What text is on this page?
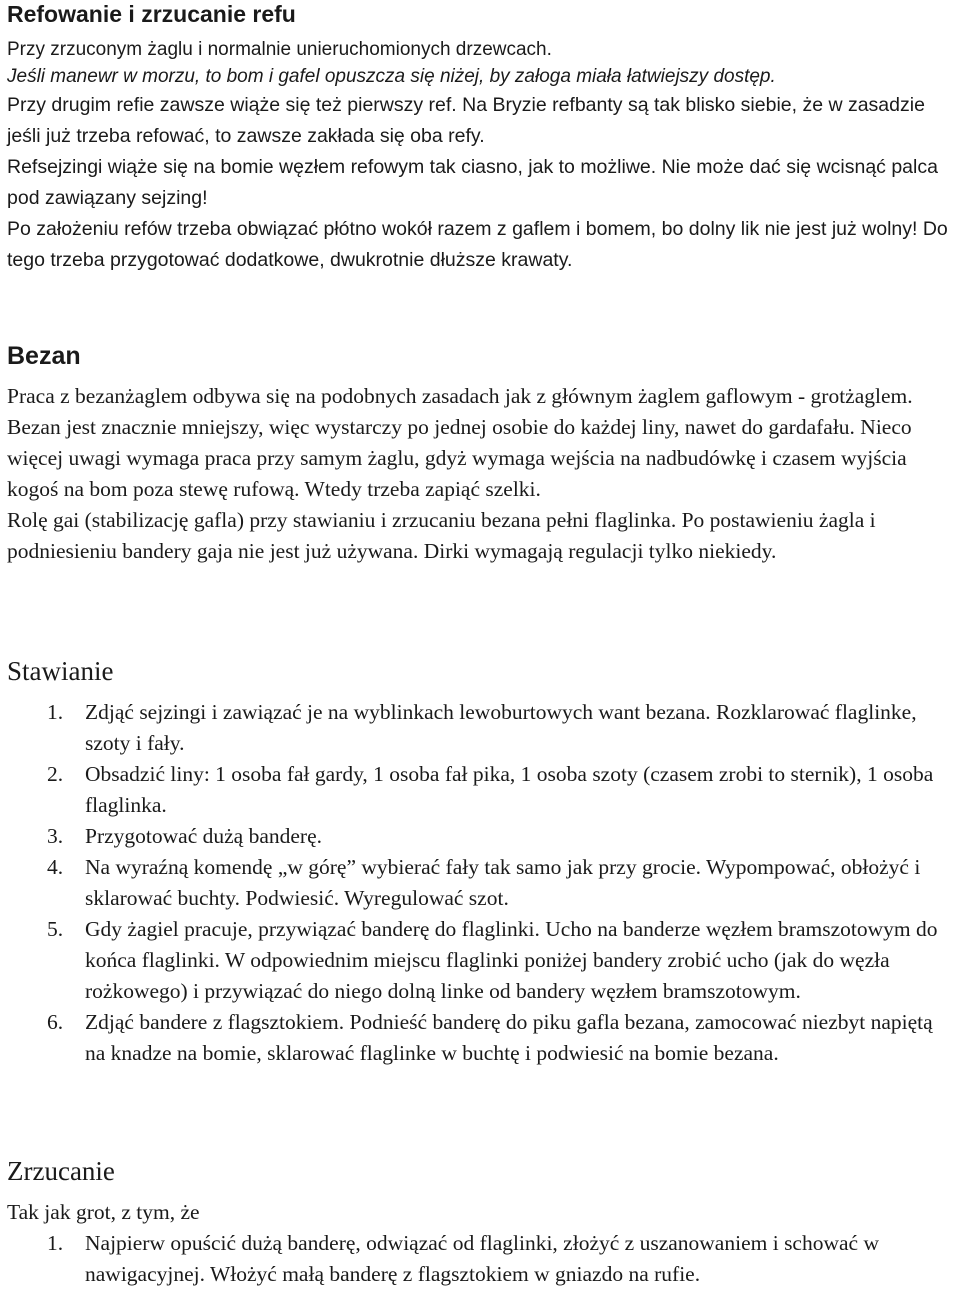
Refowanie i zrzucanie refu

Przy zrzuconym żaglu i normalnie unieruchomionych drzewcach.

Jeśli manewr w morzu, to bom i gafel opuszcza się niżej, by załoga miała łatwiejszy dostęp.

Przy drugim refie zawsze wiąże się też pierwszy ref. Na Bryzie refbanty są tak blisko siebie, że w zasadzie jeśli już trzeba refować, to zawsze zakłada się oba refy.

Refsejzingi wiąże się na bomie węzłem refowym tak ciasno, jak to możliwe. Nie może dać się wcisnąć palca pod zawiązany sejzing!

Po założeniu refów trzeba obwiązać płótno wokół razem z gaflem i bomem, bo dolny lik nie jest już wolny! Do tego trzeba przygotować dodatkowe, dwukrotnie dłuższe krawaty.

Bezan

Praca z bezanżaglem odbywa się na podobnych zasadach jak z głównym żaglem gaflowym - grotżaglem. Bezan jest znacznie mniejszy, więc wystarczy po jednej osobie do każdej liny, nawet do gardafału. Nieco więcej uwagi wymaga praca przy samym żaglu, gdyż wymaga wejścia na nadbudówkę i czasem wyjścia kogoś na bom poza stewę rufową. Wtedy trzeba zapiąć szelki.

Rolę gai (stabilizację gafla) przy stawianiu i zrzucaniu bezana pełni flaglinka. Po postawieniu żagla i podniesieniu bandery gaja nie jest już używana. Dirki wymagają regulacji tylko niekiedy.

Stawianie
1. Zdjąć sejzingi i zawiązać je na wyblinkach lewoburtowych want bezana. Rozklarować flaglinke, szoty i fały.
2. Obsadzić liny: 1 osoba fał gardy, 1 osoba fał pika, 1 osoba szoty (czasem zrobi to sternik), 1 osoba flaglinka.
3. Przygotować dużą banderę.
4. Na wyraźną komendę „w górę” wybierać fały tak samo jak przy grocie. Wypompować, obłożyć i sklarować buchty. Podwiesić. Wyregulować szot.
5. Gdy żagiel pracuje, przywiązać banderę do flaglinki. Ucho na banderze węzłem bramszotowym do końca flaglinki. W odpowiednim miejscu flaglinki poniżej bandery zrobić ucho (jak do węzła rożkowego) i przywiązać do niego dolną linke od bandery węzłem bramszotowym.
6. Zdjąć bandere z flagsztokiem. Podnieść banderę do piku gafla bezana, zamocować niezbyt napiętą na knadze na bomie, sklarować flaglinke w buchtę i podwiesić na bomie bezana.
Zrzucanie

Tak jak grot, z tym, że

1. Najpierw opuścić dużą banderę, odwiązać od flaglinki, złożyć z uszanowaniem i schować w nawigacyjnej. Włożyć małą banderę z flagsztokiem w gniazdo na rufie.
